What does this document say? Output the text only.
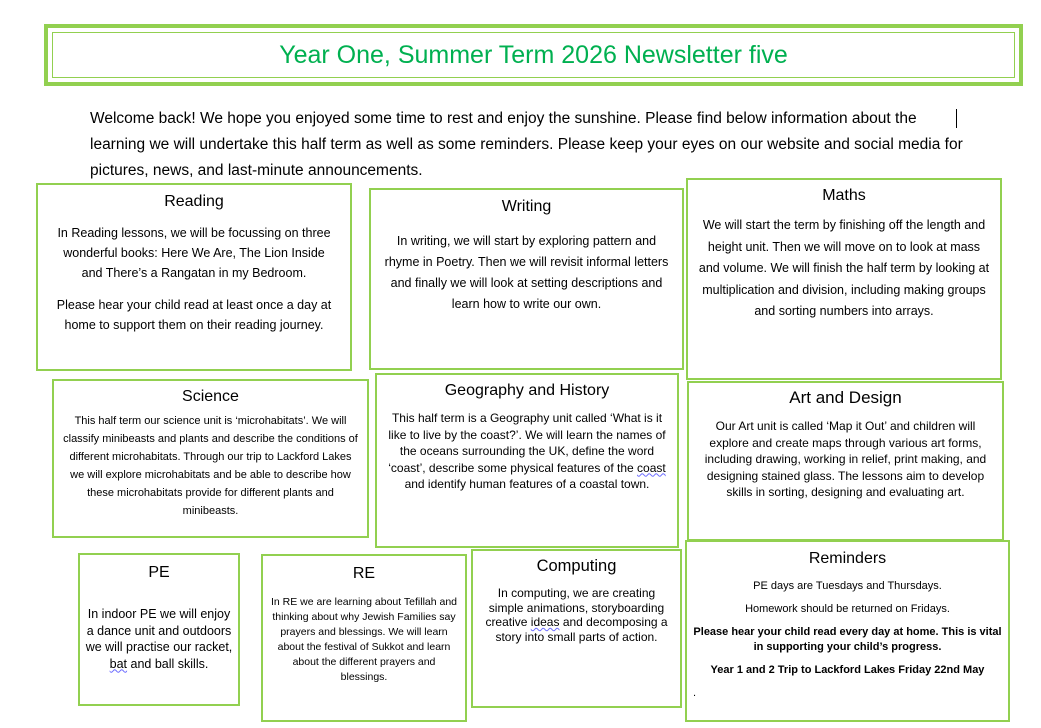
Year One, Summer Term 2026 Newsletter five
Welcome back! We hope you enjoyed some time to rest and enjoy the sunshine. Please find below information about the learning we will undertake this half term as well as some reminders. Please keep your eyes on our website and social media for pictures, news, and last-minute announcements.
Reading

In Reading lessons, we will be focussing on three wonderful books: Here We Are, The Lion Inside and There’s a Rangatan in my Bedroom.

Please hear your child read at least once a day at home to support them on their reading journey.

Writing

In writing, we will start by exploring pattern and rhyme in Poetry. Then we will revisit informal letters and finally we will look at setting descriptions and learn how to write our own.

Maths

We will start the term by finishing off the length and height unit. Then we will move on to look at mass and volume. We will finish the half term by looking at multiplication and division, including making groups and sorting numbers into arrays.

Science

This half term our science unit is ‘microhabitats’. We will classify minibeasts and plants and describe the conditions of different microhabitats. Through our trip to Lackford Lakes we will explore microhabitats and be able to describe how these microhabitats provide for different plants and minibeasts.

Geography and History

This half term is a Geography unit called ‘What is it like to live by the coast?’. We will learn the names of the oceans surrounding the UK, define the word ‘coast’, describe some physical features of the coast and identify human features of a coastal town.

Art and Design

Our Art unit is called ‘Map it Out’ and children will explore and create maps through various art forms, including drawing, working in relief, print making, and designing stained glass. The lessons aim to develop skills in sorting, designing and evaluating art.

PE

In indoor PE we will enjoy a dance unit and outdoors we will practise our racket, bat and ball skills.

RE

In RE we are learning about Tefillah and thinking about why Jewish Families say prayers and blessings. We will learn about the festival of Sukkot and learn about the different prayers and blessings.

Computing

In computing, we are creating simple animations, storyboarding creative ideas and decomposing a story into small parts of action.

Reminders

PE days are Tuesdays and Thursdays.

Homework should be returned on Fridays.

Please hear your child read every day at home. This is vital in supporting your child’s progress.

Year 1 and 2 Trip to Lackford Lakes Friday 22nd May

.
